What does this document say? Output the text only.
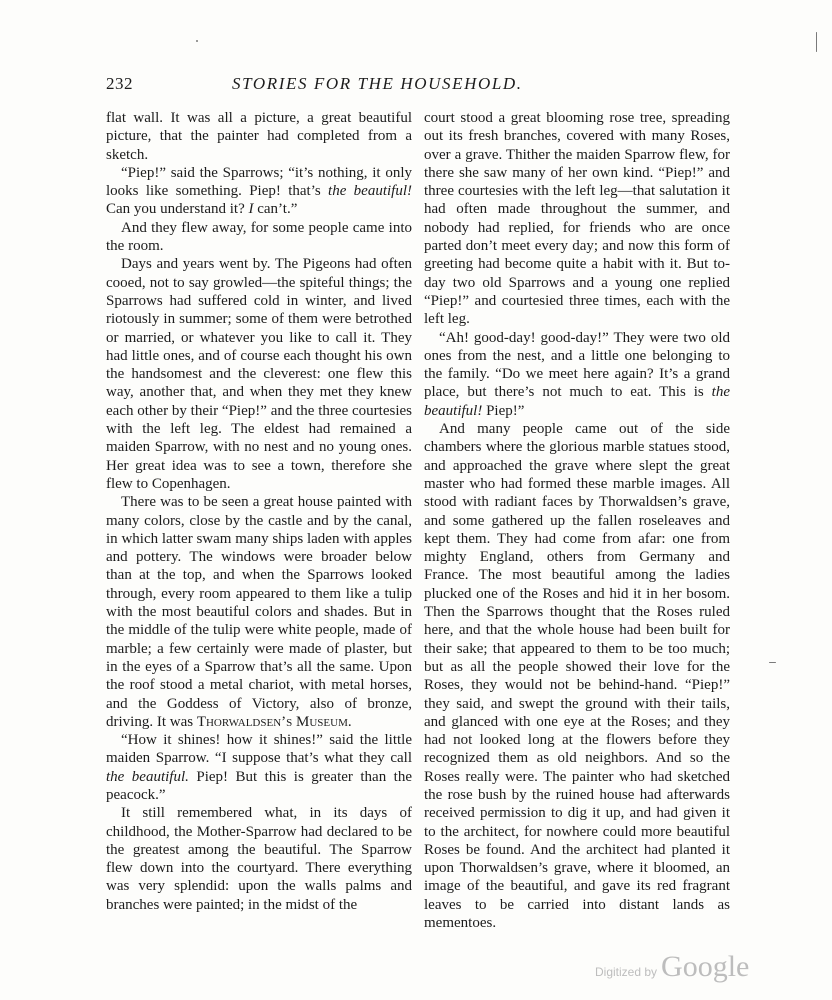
232	STORIES FOR THE HOUSEHOLD.

flat wall. It was all a picture, a great beautiful picture, that the painter had completed from a sketch.

“Piep!” said the Sparrows; “it’s nothing, it only looks like something. Piep! that’s the beautiful! Can you understand it? I can’t.”

And they flew away, for some people came into the room.

Days and years went by. The Pigeons had often cooed, not to say growled—the spiteful things; the Sparrows had suffered cold in winter, and lived riotously in summer; some of them were betrothed or married, or whatever you like to call it. They had little ones, and of course each thought his own the handsomest and the cleverest: one flew this way, another that, and when they met they knew each other by their “Piep!” and the three courtesies with the left leg. The eldest had remained a maiden Sparrow, with no nest and no young ones. Her great idea was to see a town, therefore she flew to Copenhagen.

There was to be seen a great house painted with many colors, close by the castle and by the canal, in which latter swam many ships laden with apples and pottery. The windows were broader below than at the top, and when the Sparrows looked through, every room appeared to them like a tulip with the most beautiful colors and shades. But in the middle of the tulip were white people, made of marble; a few certainly were made of plaster, but in the eyes of a Sparrow that’s all the same. Upon the roof stood a metal chariot, with metal horses, and the Goddess of Victory, also of bronze, driving. It was Thorwaldsen’s Museum.

“How it shines! how it shines!” said the little maiden Sparrow. “I suppose that’s what they call the beautiful. Piep! But this is greater than the peacock.”

It still remembered what, in its days of childhood, the Mother-Sparrow had declared to be the greatest among the beautiful. The Sparrow flew down into the courtyard. There everything was very splendid: upon the walls palms and branches were painted; in the midst of the

court stood a great blooming rose tree, spreading out its fresh branches, covered with many Roses, over a grave. Thither the maiden Sparrow flew, for there she saw many of her own kind. “Piep!” and three courtesies with the left leg—that salutation it had often made throughout the summer, and nobody had replied, for friends who are once parted don’t meet every day; and now this form of greeting had become quite a habit with it. But to-day two old Sparrows and a young one replied “Piep!” and courtesied three times, each with the left leg.

“Ah! good-day! good-day!” They were two old ones from the nest, and a little one belonging to the family. “Do we meet here again? It’s a grand place, but there’s not much to eat. This is the beautiful! Piep!”

And many people came out of the side chambers where the glorious marble statues stood, and approached the grave where slept the great master who had formed these marble images. All stood with radiant faces by Thorwaldsen’s grave, and some gathered up the fallen roseleaves and kept them. They had come from afar: one from mighty England, others from Germany and France. The most beautiful among the ladies plucked one of the Roses and hid it in her bosom. Then the Sparrows thought that the Roses ruled here, and that the whole house had been built for their sake; that appeared to them to be too much; but as all the people showed their love for the Roses, they would not be behind-hand. “Piep!” they said, and swept the ground with their tails, and glanced with one eye at the Roses; and they had not looked long at the flowers before they recognized them as old neighbors. And so the Roses really were. The painter who had sketched the rose bush by the ruined house had afterwards received permission to dig it up, and had given it to the architect, for nowhere could more beautiful Roses be found. And the architect had planted it upon Thorwaldsen’s grave, where it bloomed, an image of the beautiful, and gave its red fragrant leaves to be carried into distant lands as mementoes.

Digitized by Google
